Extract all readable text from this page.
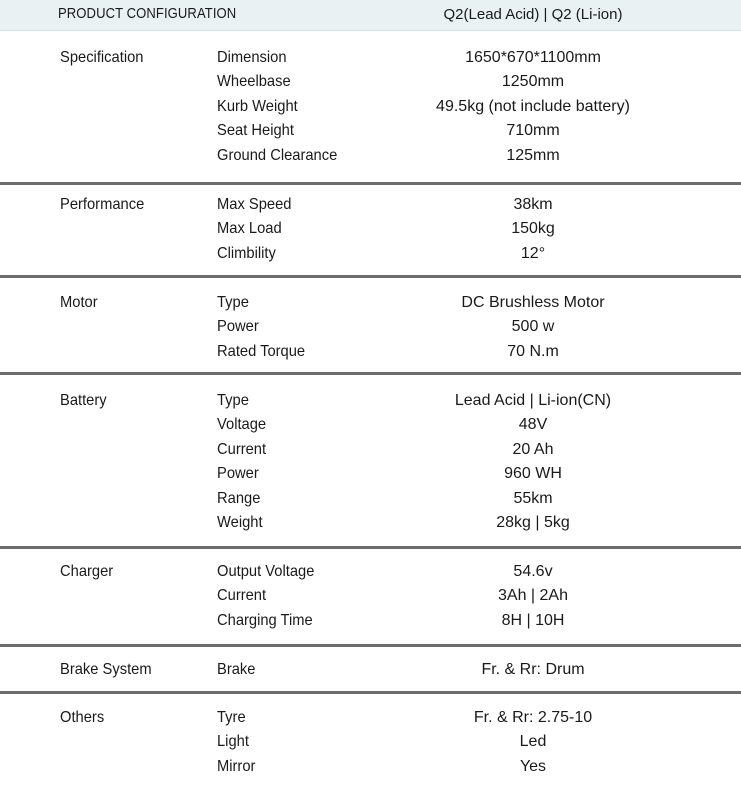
PRODUCT CONFIGURATION	Q2(Lead Acid) | Q2 (Li-ion)
Specification	Dimension	1650*670*1100mm
Wheelbase	1250mm
Kurb Weight	49.5kg (not include battery)
Seat Height	710mm
Ground Clearance	125mm
Performance	Max Speed	38km
Max Load	150kg
Climbility	12°
Motor	Type	DC Brushless Motor
Power	500 w
Rated Torque	70 N.m
Battery	Type	Lead Acid | Li-ion(CN)
Voltage	48V
Current	20 Ah
Power	960 WH
Range	55km
Weight	28kg | 5kg
Charger	Output Voltage	54.6v
Current	3Ah | 2Ah
Charging Time	8H | 10H
Brake System	Brake	Fr. & Rr: Drum
Others	Tyre	Fr. & Rr: 2.75-10
Light	Led
Mirror	Yes
